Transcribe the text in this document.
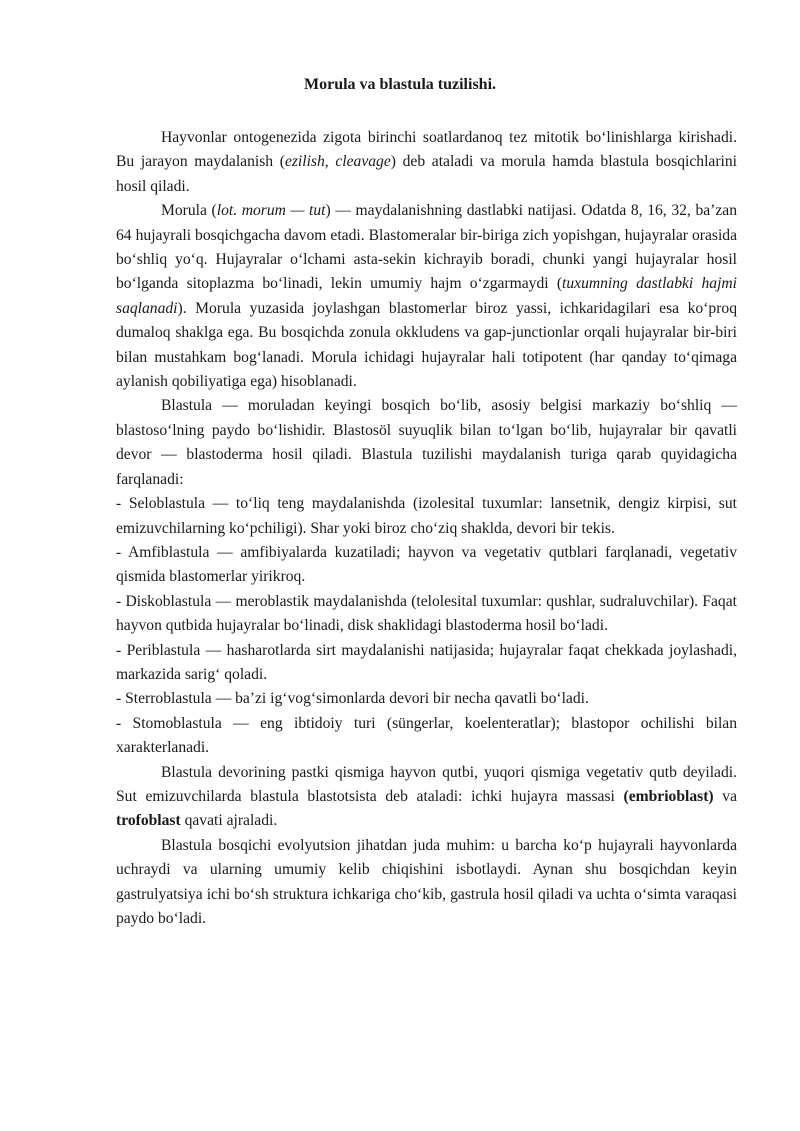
Morula va blastula tuzilishi.

Hayvonlar ontogenezida zigota birinchi soatlardanoq tez mitotik bo‘linishlarga kirishadi. Bu jarayon maydalanish (ezilish, cleavage) deb ataladi va morula hamda blastula bosqichlarini hosil qiladi.

Morula (lot. morum — tut) — maydalanishning dastlabki natijasi. Odatda 8, 16, 32, ba’zan 64 hujayrali bosqichgacha davom etadi. Blastomeralar bir-biriga zich yopishgan, hujayralar orasida bo‘shliq yo‘q. Hujayralar o‘lchami asta-sekin kichrayib boradi, chunki yangi hujayralar hosil bo‘lganda sitoplazma bo‘linadi, lekin umumiy hajm o‘zgarmaydi (tuxumning dastlabki hajmi saqlanadi). Morula yuzasida joylashgan blastomerlar biroz yassi, ichkaridagilari esa ko‘proq dumaloq shaklga ega. Bu bosqichda zonula okkludens va gap-junctionlar orqali hujayralar bir-biri bilan mustahkam bog‘lanadi. Morula ichidagi hujayralar hali totipotent (har qanday to‘qimaga aylanish qobiliyatiga ega) hisoblanadi.

Blastula — moruladan keyingi bosqich bo‘lib, asosiy belgisi markaziy bo‘shliq — blastoso‘lning paydo bo‘lishidir. Blastosöl suyuqlik bilan to‘lgan bo‘lib, hujayralar bir qavatli devor — blastoderma hosil qiladi. Blastula tuzilishi maydalanish turiga qarab quyidagicha farqlanadi:

- Seloblastula — to‘liq teng maydalanishda (izolesital tuxumlar: lansetnik, dengiz kirpisi, sut emizuvchilarning ko‘pchiligi). Shar yoki biroz cho‘ziq shaklda, devori bir tekis.

- Amfiblastula — amfibiyalarda kuzatiladi; hayvon va vegetativ qutblari farqlanadi, vegetativ qismida blastomerlar yirikroq.

- Diskoblastula — meroblastik maydalanishda (telolesital tuxumlar: qushlar, sudraluvchilar). Faqat hayvon qutbida hujayralar bo‘linadi, disk shaklidagi blastoderma hosil bo‘ladi.

- Periblastula — hasharotlarda sirt maydalanishi natijasida; hujayralar faqat chekkada joylashadi, markazida sarig‘ qoladi.

- Sterroblastula — ba’zi ig‘vog‘simonlarda devori bir necha qavatli bo‘ladi.

- Stomoblastula — eng ibtidoiy turi (süngerlar, koelenteratlar); blastopor ochilishi bilan xarakterlanadi.

Blastula devorining pastki qismiga hayvon qutbi, yuqori qismiga vegetativ qutb deyiladi. Sut emizuvchilarda blastula blastotsista deb ataladi: ichki hujayra massasi (embrioblast) va trofoblast qavati ajraladi.

Blastula bosqichi evolyutsion jihatdan juda muhim: u barcha ko‘p hujayrali hayvonlarda uchraydi va ularning umumiy kelib chiqishini isbotlaydi. Aynan shu bosqichdan keyin gastrulyatsiya ichi bo‘sh struktura ichkariga cho‘kib, gastrula hosil qiladi va uchta o‘simta varaqasi paydo bo‘ladi.
